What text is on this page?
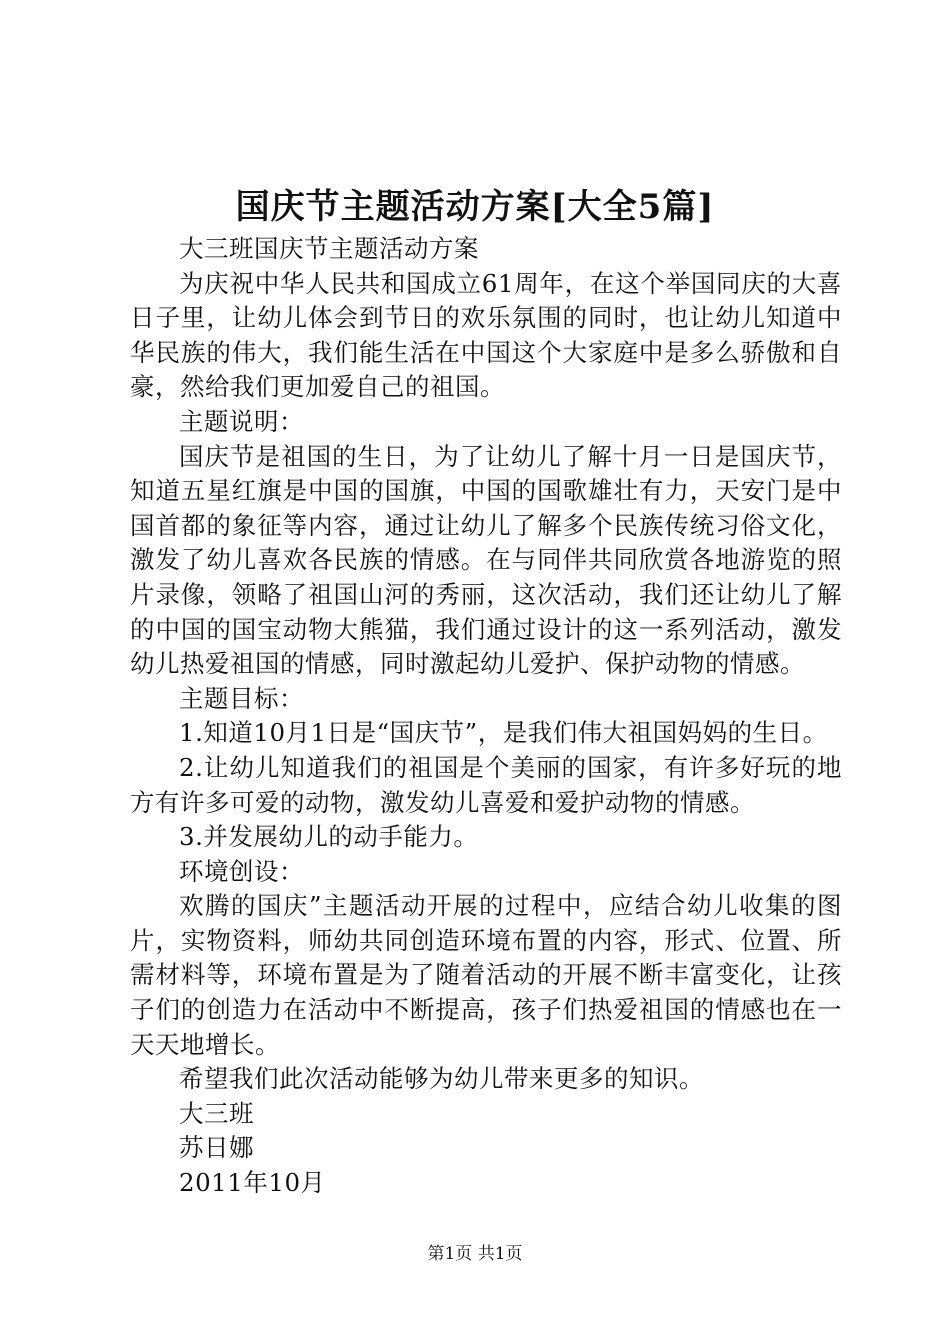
国庆节主题活动方案[大全5篇]

大三班国庆节主题活动方案

为庆祝中华人民共和国成立61周年，在这个举国同庆的大喜日子里，让幼儿体会到节日的欢乐氛围的同时，也让幼儿知道中华民族的伟大，我们能生活在中国这个大家庭中是多么骄傲和自豪，然给我们更加爱自己的祖国。

主题说明：

国庆节是祖国的生日，为了让幼儿了解十月一日是国庆节，知道五星红旗是中国的国旗，中国的国歌雄壮有力，天安门是中国首都的象征等内容，通过让幼儿了解多个民族传统习俗文化，激发了幼儿喜欢各民族的情感。在与同伴共同欣赏各地游览的照片录像，领略了祖国山河的秀丽，这次活动，我们还让幼儿了解的中国的国宝动物大熊猫，我们通过设计的这一系列活动，激发幼儿热爱祖国的情感，同时激起幼儿爱护、保护动物的情感。

主题目标：

1.知道10月1日是“国庆节”，是我们伟大祖国妈妈的生日。

2.让幼儿知道我们的祖国是个美丽的国家，有许多好玩的地方有许多可爱的动物，激发幼儿喜爱和爱护动物的情感。

3.并发展幼儿的动手能力。

环境创设：

欢腾的国庆”主题活动开展的过程中，应结合幼儿收集的图片，实物资料，师幼共同创造环境布置的内容，形式、位置、所需材料等，环境布置是为了随着活动的开展不断丰富变化，让孩子们的创造力在活动中不断提高，孩子们热爱祖国的情感也在一天天地增长。

希望我们此次活动能够为幼儿带来更多的知识。

大三班

苏日娜

2011年10月

第1页 共1页
